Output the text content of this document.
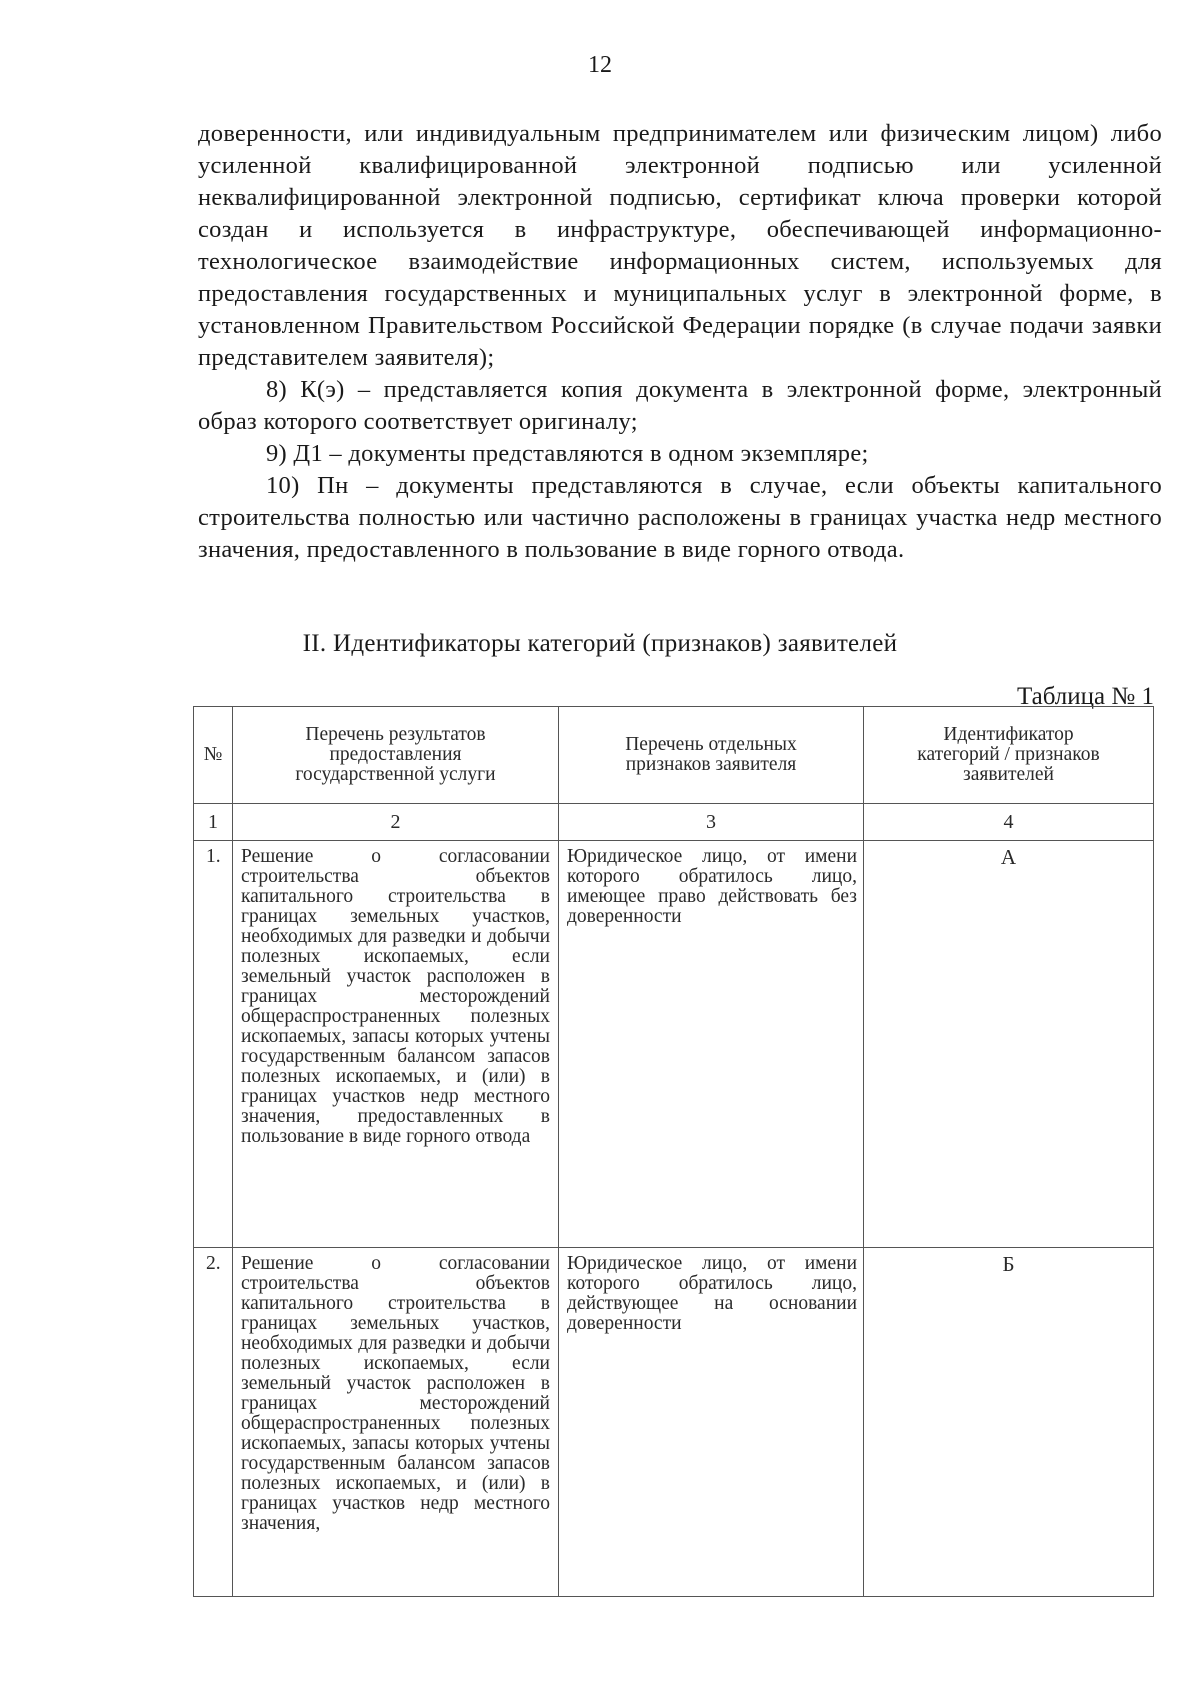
12

доверенности, или индивидуальным предпринимателем или физическим лицом) либо усиленной квалифицированной электронной подписью или усиленной неквалифицированной электронной подписью, сертификат ключа проверки которой создан и используется в инфраструктуре, обеспечивающей информационно-технологическое взаимодействие информационных систем, используемых для предоставления государственных и муниципальных услуг в электронной форме, в установленном Правительством Российской Федерации порядке (в случае подачи заявки представителем заявителя);

8) К(э) – представляется копия документа в электронной форме, электронный образ которого соответствует оригиналу;

9) Д1 – документы представляются в одном экземпляре;

10) Пн – документы представляются в случае, если объекты капитального строительства полностью или частично расположены в границах участка недр местного значения, предоставленного в пользование в виде горного отвода.

II. Идентификаторы категорий (признаков) заявителей
Таблица № 1
№	Перечень результатов предоставления государственной услуги	Перечень отдельных признаков заявителя	Идентификатор категорий / признаков заявителей
1	2	3	4
1.	Решение о согласовании строительства объектов капитального строительства в границах земельных участков, необходимых для разведки и добычи полезных ископаемых, если земельный участок расположен в границах месторождений общераспространенных полезных ископаемых, запасы которых учтены государственным балансом запасов полезных ископаемых, и (или) в границах участков недр местного значения, предоставленных в пользование в виде горного отвода	Юридическое лицо, от имени которого обратилось лицо, имеющее право действовать без доверенности	А
2.	Решение о согласовании строительства объектов капитального строительства в границах земельных участков, необходимых для разведки и добычи полезных ископаемых, если земельный участок расположен в границах месторождений общераспространенных полезных ископаемых, запасы которых учтены государственным балансом запасов полезных ископаемых, и (или) в границах участков недр местного значения,	Юридическое лицо, от имени которого обратилось лицо, действующее на основании доверенности	Б
